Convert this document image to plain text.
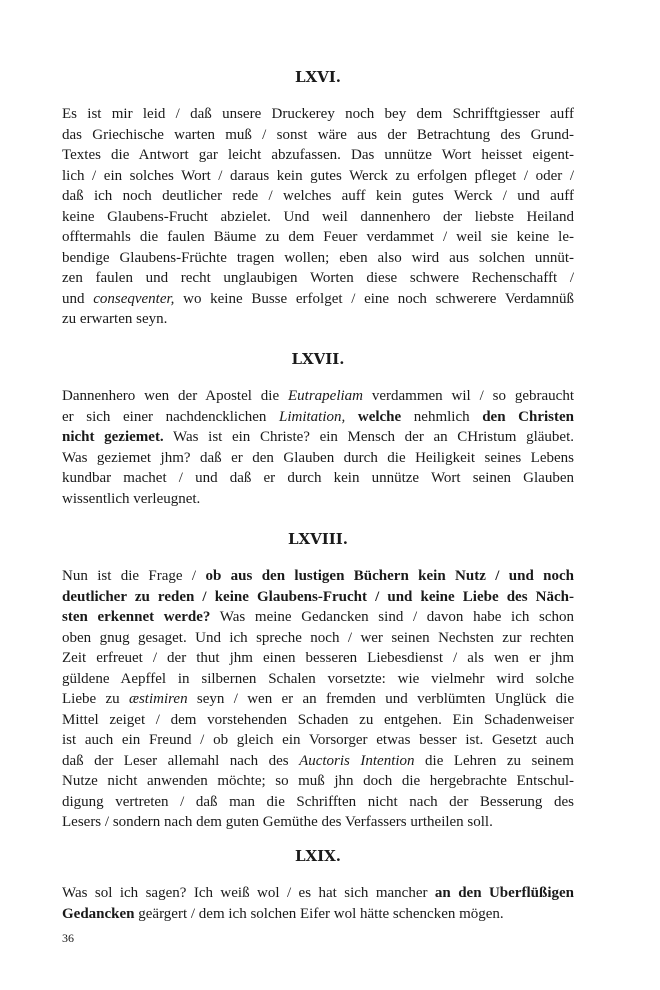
LXVI.
Es ist mir leid / daß unsere Druckerey noch bey dem Schrifftgiesser auff
das Griechische warten muß / sonst wäre aus der Betrachtung des Grund-
Textes die Antwort gar leicht abzufassen. Das unnütze Wort heisset eigent-
lich / ein solches Wort / daraus kein gutes Werck zu erfolgen pfleget / oder /
daß ich noch deutlicher rede / welches auff kein gutes Werck / und auff
keine Glaubens-Frucht abzielet. Und weil dannenhero der liebste Heiland
offtermahls die faulen Bäume zu dem Feuer verdammet / weil sie keine le-
bendige Glaubens-Früchte tragen wollen; eben also wird aus solchen unnüt-
zen faulen und recht unglaubigen Worten diese schwere Rechenschafft /
und conseqventer, wo keine Busse erfolget / eine noch schwerere Verdamnüß
zu erwarten seyn.
LXVII.
Dannenhero wen der Apostel die Eutrapeliam verdammen wil / so gebraucht
er sich einer nachdencklichen Limitation, welche nehmlich den Christen
nicht geziemet. Was ist ein Christe? ein Mensch der an CHristum gläubet.
Was geziemet jhm? daß er den Glauben durch die Heiligkeit seines Lebens
kundbar machet / und daß er durch kein unnütze Wort seinen Glauben
wissentlich verleugnet.
LXVIII.
Nun ist die Frage / ob aus den lustigen Büchern kein Nutz / und noch
deutlicher zu reden / keine Glaubens-Frucht / und keine Liebe des Näch-
sten erkennet werde? Was meine Gedancken sind / davon habe ich schon
oben gnug gesaget. Und ich spreche noch / wer seinen Nechsten zur rechten
Zeit erfreuet / der thut jhm einen besseren Liebesdienst / als wen er jhm
güldene Aepffel in silbernen Schalen vorsetzte: wie vielmehr wird solche
Liebe zu æstimiren seyn / wen er an fremden und verblümten Unglück die
Mittel zeiget / dem vorstehenden Schaden zu entgehen. Ein Schadenweiser
ist auch ein Freund / ob gleich ein Vorsorger etwas besser ist. Gesetzt auch
daß der Leser allemahl nach des Auctoris Intention die Lehren zu seinem
Nutze nicht anwenden möchte; so muß jhn doch die hergebrachte Entschul-
digung vertreten / daß man die Schrifften nicht nach der Besserung des
Lesers / sondern nach dem guten Gemüthe des Verfassers urtheilen soll.
LXIX.
Was sol ich sagen? Ich weiß wol / es hat sich mancher an den Uberflüßigen
Gedancken geärgert / dem ich solchen Eifer wol hätte schencken mögen.
36
